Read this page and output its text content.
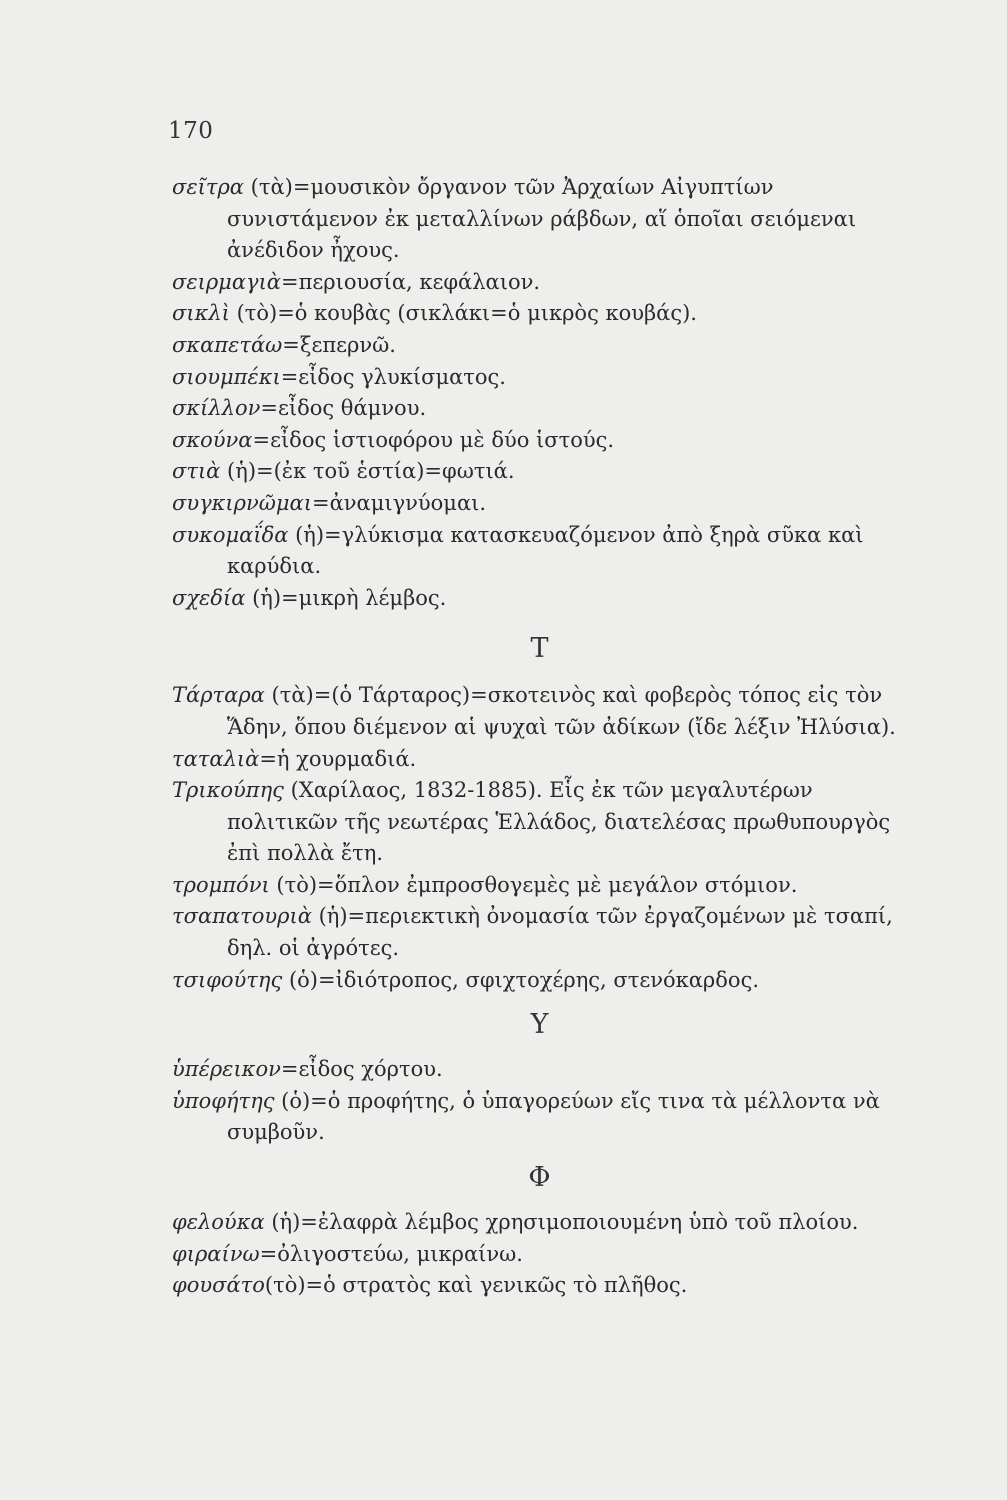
170
σεῖτρα (τὰ)=μουσικὸν ὄργανον τῶν Ἀρχαίων Αἰγυπτίων συνιστάμενον ἐκ μεταλλίνων ράβδων, αἵ ὁποῖαι σειόμεναι ἀνέδιδον ἦχους.
σειρμαγιὰ=περιουσία, κεφάλαιον.
σικλὶ (τὸ)=ὁ κουβὰς (σικλάκι=ὁ μικρὸς κουβάς).
σκαπετάω=ξεπερνῶ.
σιουμπέκι=εἶδος γλυκίσματος.
σκίλλον=εἶδος θάμνου.
σκούνα=εἶδος ἱστιοφόρου μὲ δύο ἱστούς.
στιὰ (ἡ)=(ἐκ τοῦ ἑστία)=φωτιά.
συγκιρνῶμαι=ἀναμιγνύομαι.
συκομαΐδα (ἡ)=γλύκισμα κατασκευαζόμενον ἀπὸ ξηρὰ σῦκα καὶ καρύδια.
σχεδία (ἡ)=μικρὴ λέμβος.
Τ
Τάρταρα (τὰ)=(ὁ Τάρταρος)=σκοτεινὸς καὶ φοβερὸς τόπος εἰς τὸν Ἅδην, ὅπου διέμενον αἱ ψυχαὶ τῶν ἀδίκων (ἴδε λέξιν Ἠλύσια).
ταταλιὰ=ἡ χουρμαδιά.
Τρικούπης (Χαρίλαος, 1832-1885). Εἷς ἐκ τῶν μεγαλυτέρων πολιτικῶν τῆς νεωτέρας Ἑλλάδος, διατελέσας πρωθυπουργὸς ἐπὶ πολλὰ ἔτη.
τρομπόνι (τὸ)=ὅπλον ἐμπροσθογεμὲς μὲ μεγάλον στόμιον.
τσαπατουριὰ (ἡ)=περιεκτικὴ ὀνομασία τῶν ἐργαζομένων μὲ τσαπί, δηλ. οἱ ἀγρότες.
τσιφούτης (ὁ)=ἰδιότροπος, σφιχτοχέρης, στενόκαρδος.
Υ
ὑπέρεικον=εἶδος χόρτου.
ὑποφήτης (ὁ)=ὁ προφήτης, ὁ ὑπαγορεύων εἴς τινα τὰ μέλλοντα νὰ συμβοῦν.
Φ
φελούκα (ἡ)=ἐλαφρὰ λέμβος χρησιμοποιουμένη ὑπὸ τοῦ πλοίου.
φιραίνω=ὀλιγοστεύω, μικραίνω.
φουσάτο(τὸ)=ὁ στρατὸς καὶ γενικῶς τὸ πλῆθος.
